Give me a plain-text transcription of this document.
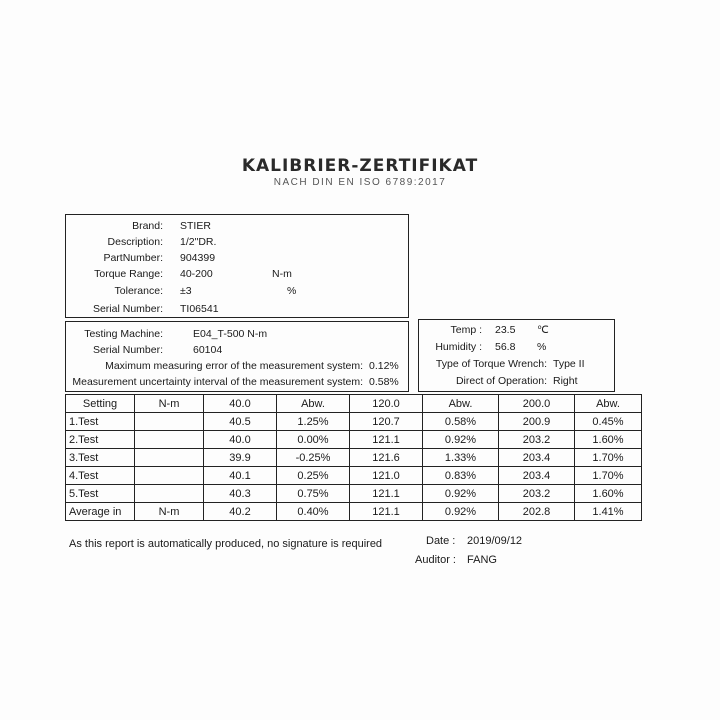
KALIBRIER-ZERTIFIKAT
NACH DIN EN ISO 6789:2017
Brand: STIER
Description: 1/2"DR.
PartNumber: 904399
Torque Range: 40-200	N-m
Tolerance: ±3	%
Serial Number: TI06541
Testing Machine:	E04_T-500 N-m
Serial Number:	60104
Maximum measuring error of the measurement system: 0.12%
Measurement uncertainty interval of the measurement system: 0.58%
Temp : 23.5 ℃
Humidity : 56.8 %
Type of Torque Wrench: Type II
Direct of Operation: Right
Setting	N-m	40.0	Abw.	120.0	Abw.	200.0	Abw.
1.Test		40.5	1.25%	120.7	0.58%	200.9	0.45%
2.Test		40.0	0.00%	121.1	0.92%	203.2	1.60%
3.Test		39.9	-0.25%	121.6	1.33%	203.4	1.70%
4.Test		40.1	0.25%	121.0	0.83%	203.4	1.70%
5.Test		40.3	0.75%	121.1	0.92%	203.2	1.60%
Average in	N-m	40.2	0.40%	121.1	0.92%	202.8	1.41%
As this report is automatically produced, no signature is required	Date : 2019/09/12
Auditor : FANG
